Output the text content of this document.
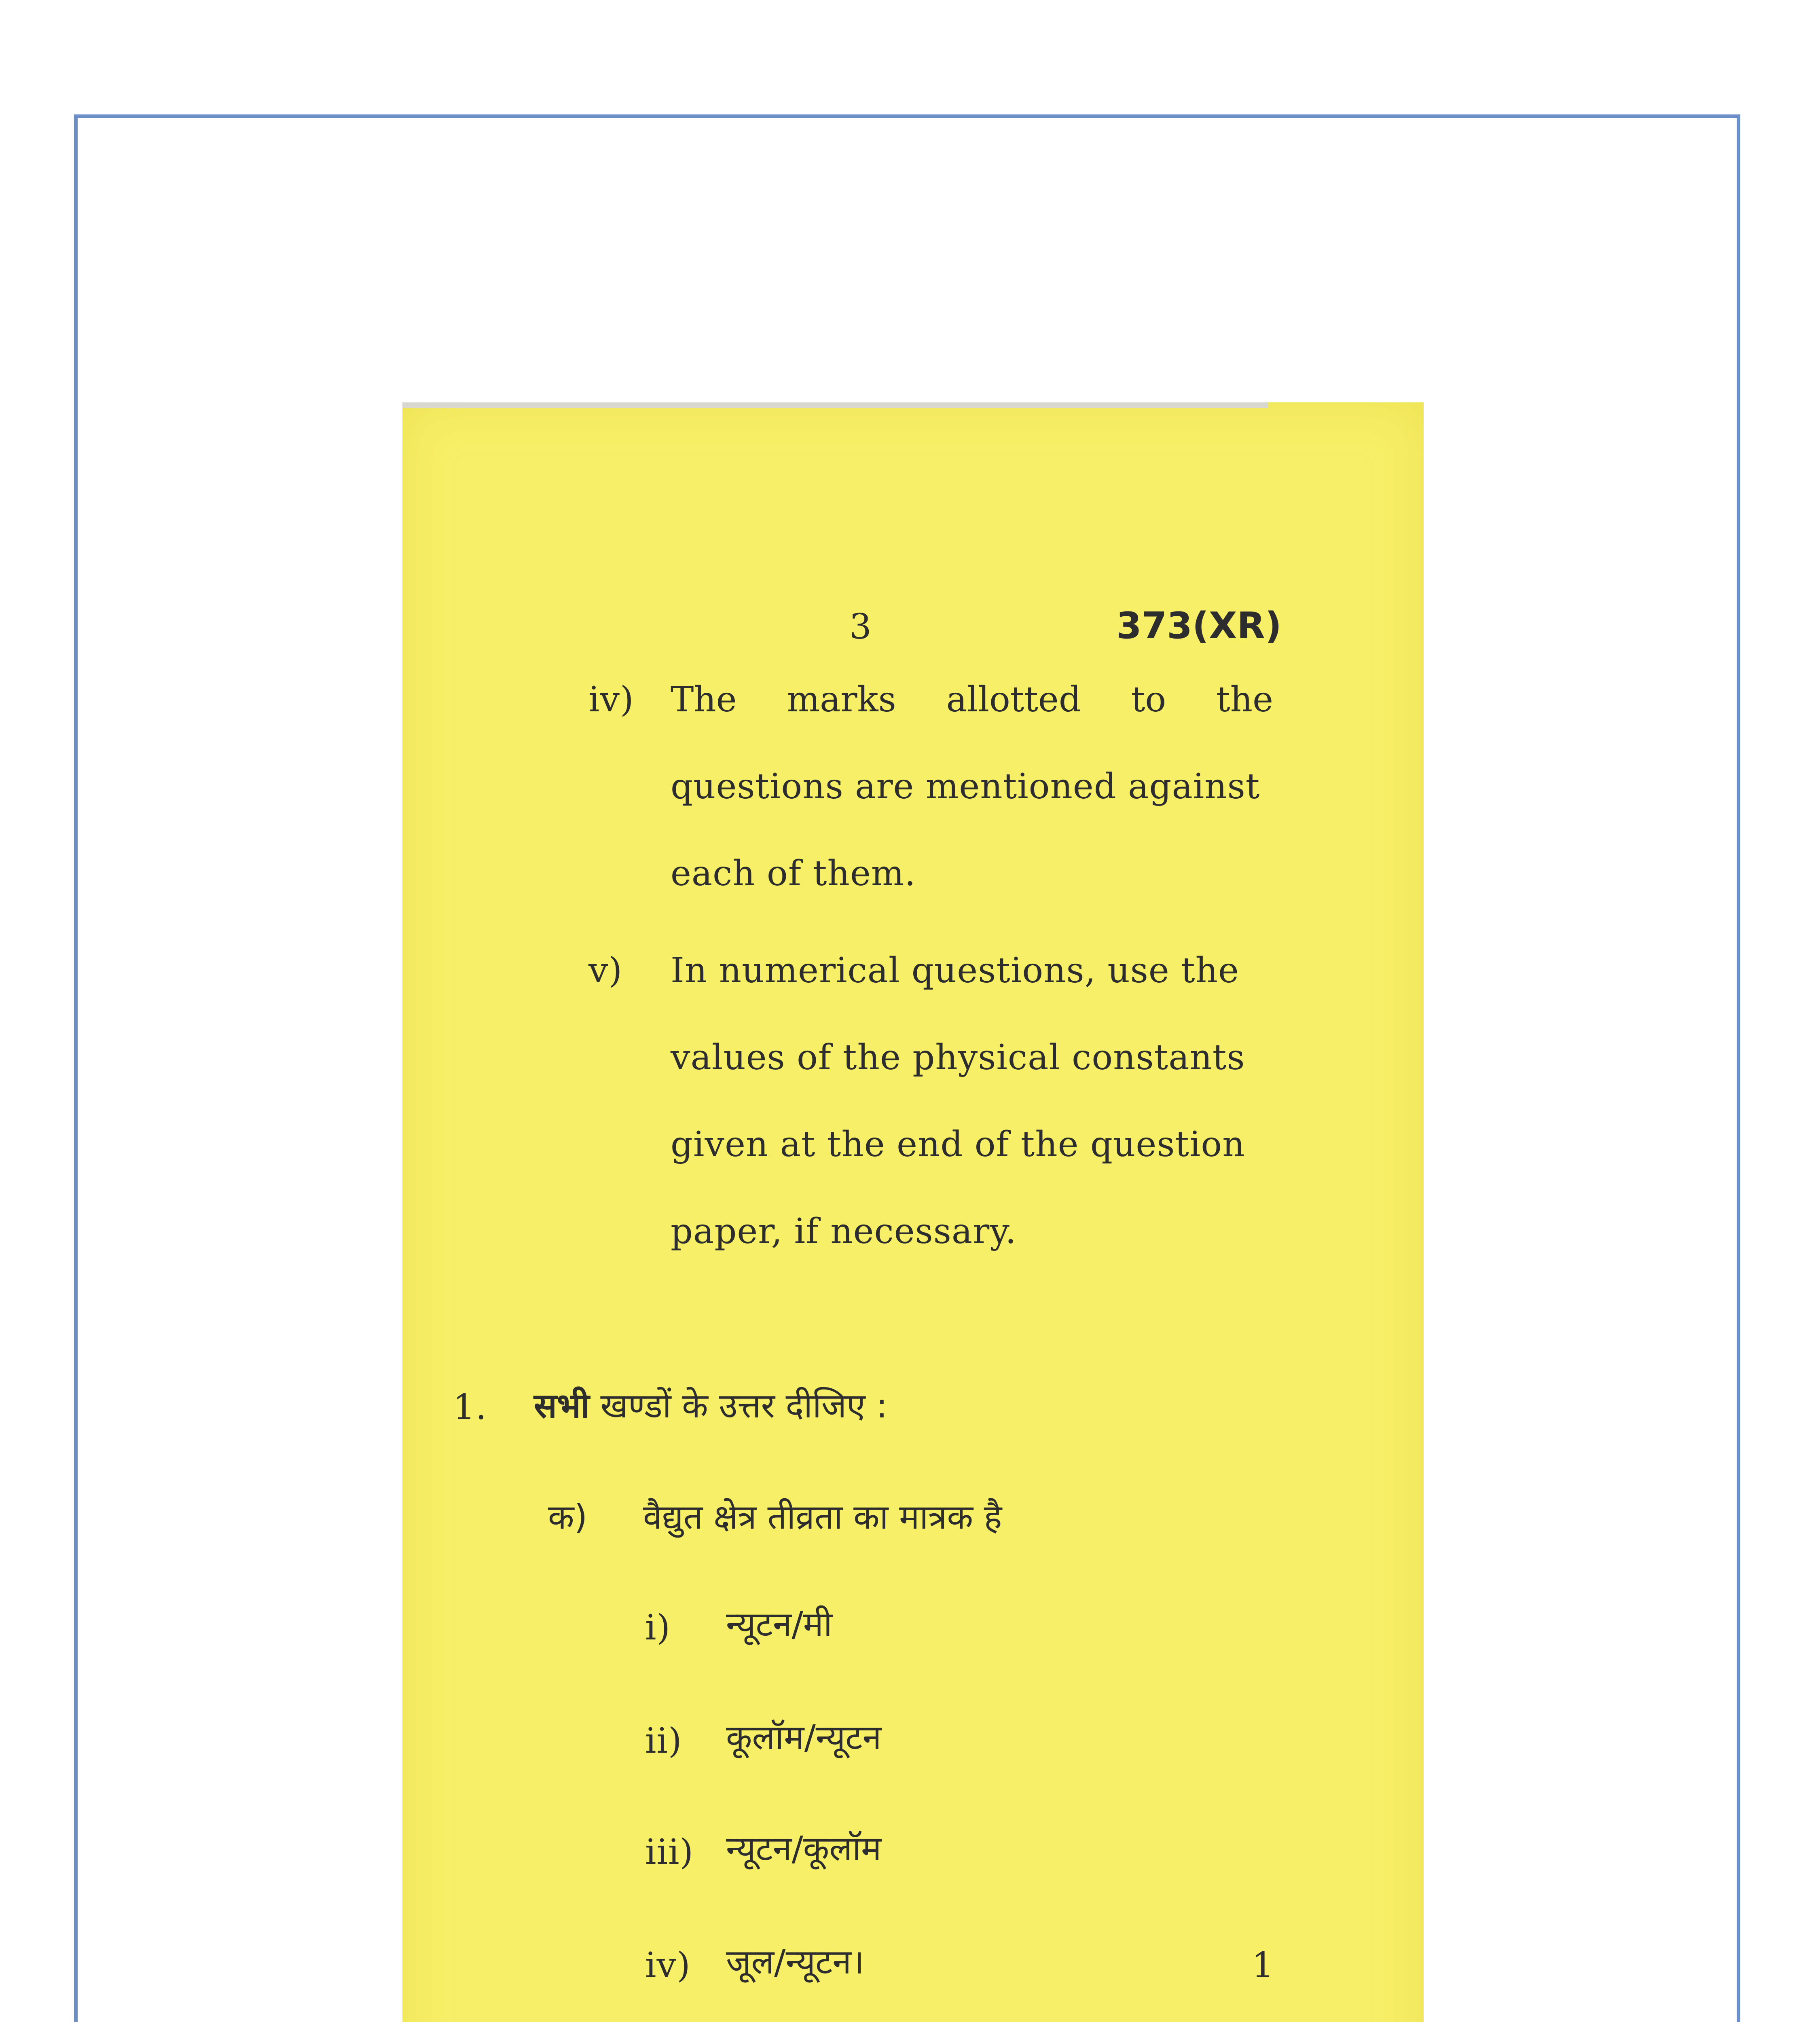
3	373(XR)
iv) The marks allotted to the
questions are mentioned against
each of them.
v) In numerical questions, use the
values of the physical constants
given at the end of the question
paper, if necessary.
1. सभी खण्डों के उत्तर दीजिए :
क) वैद्युत क्षेत्र तीव्रता का मात्रक है
i) न्यूटन/मी
ii) कूलॉम/न्यूटन
iii) न्यूटन/कूलॉम
iv) जूल/न्यूटन।	1
